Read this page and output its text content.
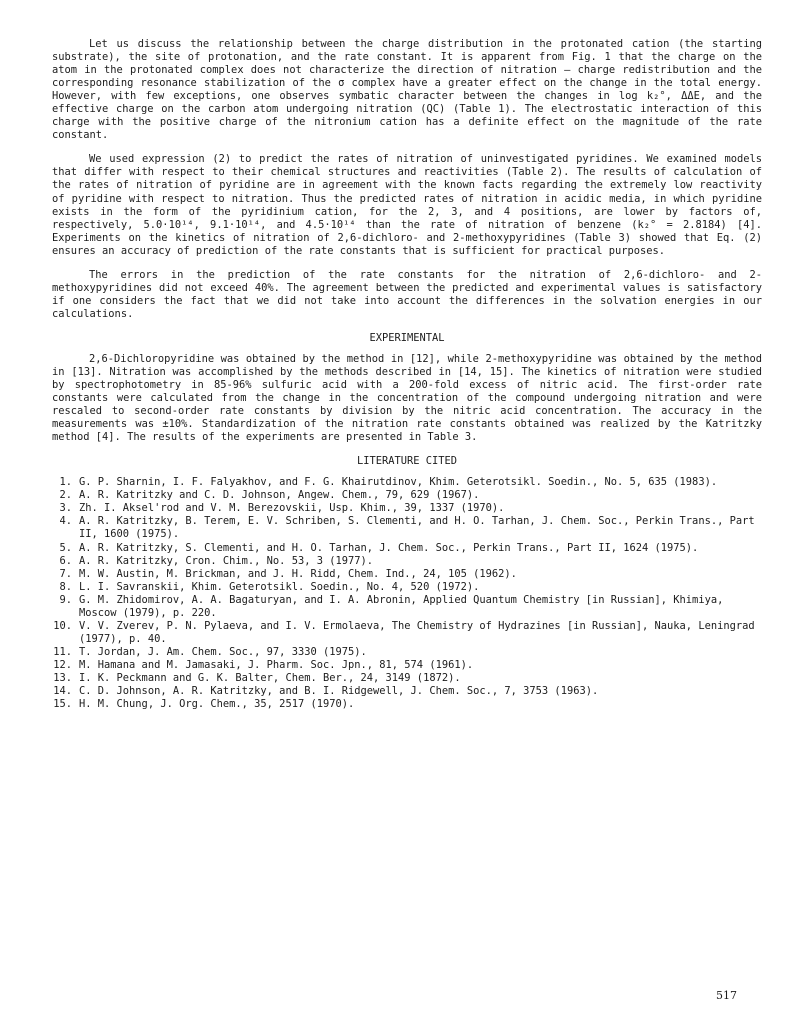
Let us discuss the relationship between the charge distribution in the protonated cation (the starting substrate), the site of protonation, and the rate constant. It is apparent from Fig. 1 that the charge on the atom in the protonated complex does not characterize the direction of nitration — charge redistribution and the corresponding resonance stabilization of the σ complex have a greater effect on the change in the total energy. However, with few exceptions, one observes symbatic character between the changes in log k₂°, ΔΔE, and the effective charge on the carbon atom undergoing nitration (QC) (Table 1). The electrostatic interaction of this charge with the positive charge of the nitronium cation has a definite effect on the magnitude of the rate constant.

We used expression (2) to predict the rates of nitration of uninvestigated pyridines. We examined models that differ with respect to their chemical structures and reactivities (Table 2). The results of calculation of the rates of nitration of pyridine are in agreement with the known facts regarding the extremely low reactivity of pyridine with respect to nitration. Thus the predicted rates of nitration in acidic media, in which pyridine exists in the form of the pyridinium cation, for the 2, 3, and 4 positions, are lower by factors of, respectively, 5.0·10¹⁴, 9.1·10¹⁴, and 4.5·10¹⁴ than the rate of nitration of benzene (k₂° = 2.8184) [4]. Experiments on the kinetics of nitration of 2,6-dichloro- and 2-methoxypyridines (Table 3) showed that Eq. (2) ensures an accuracy of prediction of the rate constants that is sufficient for practical purposes.

The errors in the prediction of the rate constants for the nitration of 2,6-dichloro- and 2-methoxypyridines did not exceed 40%. The agreement between the predicted and experimental values is satisfactory if one considers the fact that we did not take into account the differences in the solvation energies in our calculations.

EXPERIMENTAL

2,6-Dichloropyridine was obtained by the method in [12], while 2-methoxypyridine was obtained by the method in [13]. Nitration was accomplished by the methods described in [14, 15]. The kinetics of nitration were studied by spectrophotometry in 85-96% sulfuric acid with a 200-fold excess of nitric acid. The first-order rate constants were calculated from the change in the concentration of the compound undergoing nitration and were rescaled to second-order rate constants by division by the nitric acid concentration. The accuracy in the measurements was ±10%. Standardization of the nitration rate constants obtained was realized by the Katritzky method [4]. The results of the experiments are presented in Table 3.

LITERATURE CITED
1. G. P. Sharnin, I. F. Falyakhov, and F. G. Khairutdinov, Khim. Geterotsikl. Soedin., No. 5, 635 (1983).
2. A. R. Katritzky and C. D. Johnson, Angew. Chem., 79, 629 (1967).
3. Zh. I. Aksel'rod and V. M. Berezovskii, Usp. Khim., 39, 1337 (1970).
4. A. R. Katritzky, B. Terem, E. V. Schriben, S. Clementi, and H. O. Tarhan, J. Chem. Soc., Perkin Trans., Part II, 1600 (1975).
5. A. R. Katritzky, S. Clementi, and H. O. Tarhan, J. Chem. Soc., Perkin Trans., Part II, 1624 (1975).
6. A. R. Katritzky, Cron. Chim., No. 53, 3 (1977).
7. M. W. Austin, M. Brickman, and J. H. Ridd, Chem. Ind., 24, 105 (1962).
8. L. I. Savranskii, Khim. Geterotsikl. Soedin., No. 4, 520 (1972).
9. G. M. Zhidomirov, A. A. Bagaturyan, and I. A. Abronin, Applied Quantum Chemistry [in Russian], Khimiya, Moscow (1979), p. 220.
10. V. V. Zverev, P. N. Pylaeva, and I. V. Ermolaeva, The Chemistry of Hydrazines [in Russian], Nauka, Leningrad (1977), p. 40.
11. T. Jordan, J. Am. Chem. Soc., 97, 3330 (1975).
12. M. Hamana and M. Jamasaki, J. Pharm. Soc. Jpn., 81, 574 (1961).
13. I. K. Peckmann and G. K. Balter, Chem. Ber., 24, 3149 (1872).
14. C. D. Johnson, A. R. Katritzky, and B. I. Ridgewell, J. Chem. Soc., 7, 3753 (1963).
15. H. M. Chung, J. Org. Chem., 35, 2517 (1970).
517
